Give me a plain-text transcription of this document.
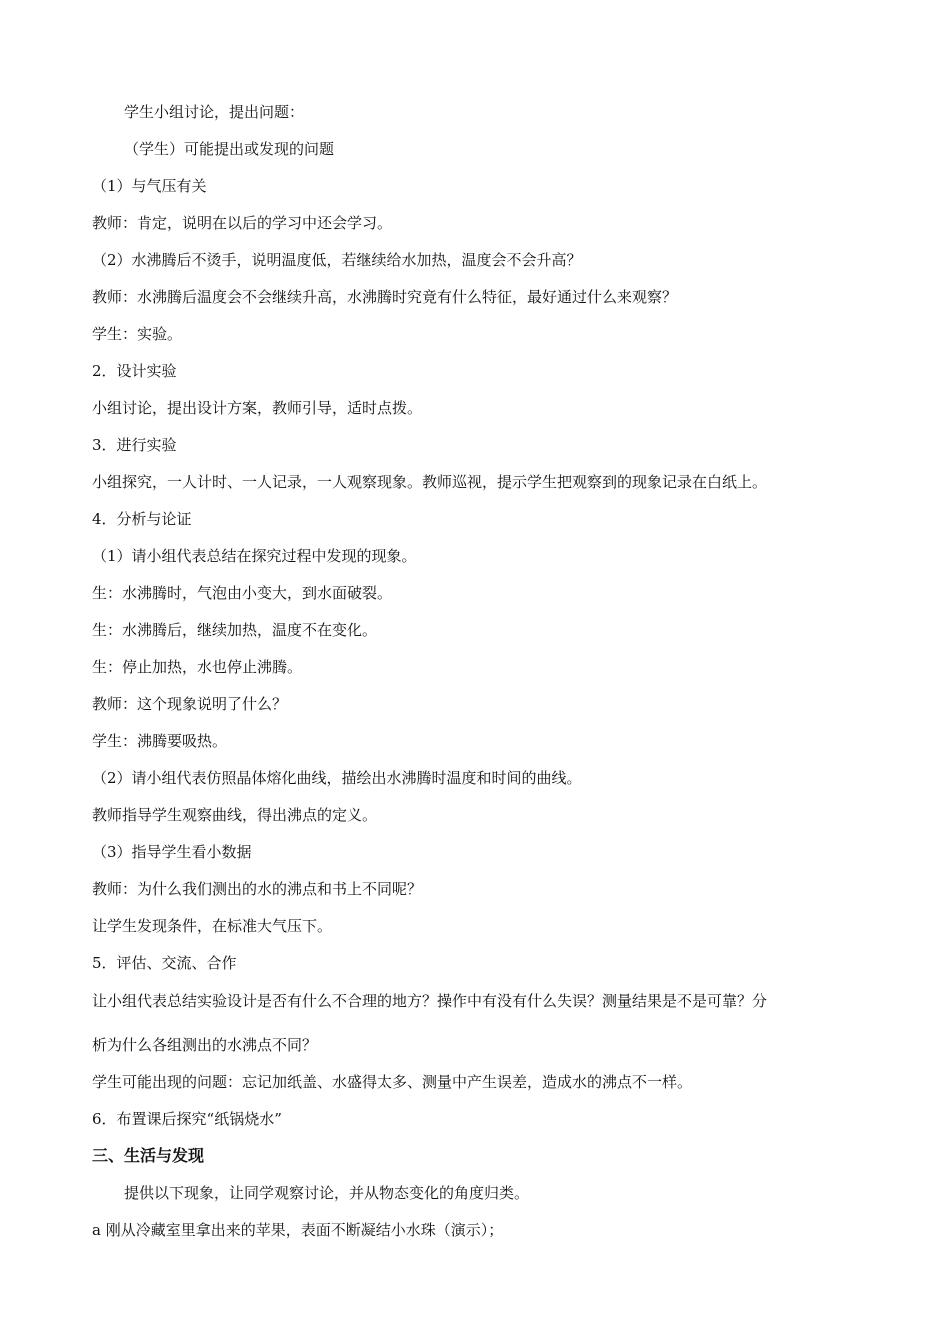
学生小组讨论，提出问题：
（学生）可能提出或发现的问题
（1）与气压有关
教师：肯定，说明在以后的学习中还会学习。
（2）水沸腾后不烫手，说明温度低，若继续给水加热，温度会不会升高？
教师：水沸腾后温度会不会继续升高，水沸腾时究竟有什么特征，最好通过什么来观察？
学生：实验。
2．设计实验
小组讨论，提出设计方案，教师引导，适时点拨。
3．进行实验
小组探究，一人计时、一人记录，一人观察现象。教师巡视，提示学生把观察到的现象记录在白纸上。
4．分析与论证
（1）请小组代表总结在探究过程中发现的现象。
生：水沸腾时，气泡由小变大，到水面破裂。
生：水沸腾后，继续加热，温度不在变化。
生：停止加热，水也停止沸腾。
教师：这个现象说明了什么？
学生：沸腾要吸热。
（2）请小组代表仿照晶体熔化曲线，描绘出水沸腾时温度和时间的曲线。
教师指导学生观察曲线，得出沸点的定义。
（3）指导学生看小数据
教师：为什么我们测出的水的沸点和书上不同呢？
让学生发现条件，在标准大气压下。
5．评估、交流、合作
让小组代表总结实验设计是否有什么不合理的地方？操作中有没有什么失误？测量结果是不是可靠？分
析为什么各组测出的水沸点不同？
学生可能出现的问题：忘记加纸盖、水盛得太多、测量中产生误差，造成水的沸点不一样。
6．布置课后探究“纸锅烧水”
三、生活与发现
提供以下现象，让同学观察讨论，并从物态变化的角度归类。
a 刚从冷藏室里拿出来的苹果，表面不断凝结小水珠（演示）；
